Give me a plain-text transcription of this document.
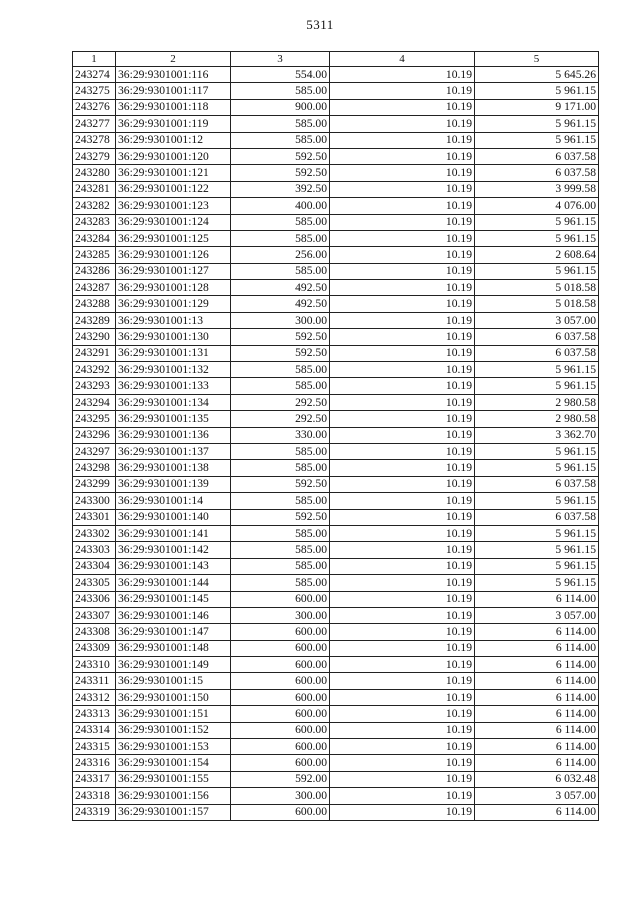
5311
1	2	3	4	5
243274	36:29:9301001:116	554.00	10.19	5 645.26
243275	36:29:9301001:117	585.00	10.19	5 961.15
243276	36:29:9301001:118	900.00	10.19	9 171.00
243277	36:29:9301001:119	585.00	10.19	5 961.15
243278	36:29:9301001:12	585.00	10.19	5 961.15
243279	36:29:9301001:120	592.50	10.19	6 037.58
243280	36:29:9301001:121	592.50	10.19	6 037.58
243281	36:29:9301001:122	392.50	10.19	3 999.58
243282	36:29:9301001:123	400.00	10.19	4 076.00
243283	36:29:9301001:124	585.00	10.19	5 961.15
243284	36:29:9301001:125	585.00	10.19	5 961.15
243285	36:29:9301001:126	256.00	10.19	2 608.64
243286	36:29:9301001:127	585.00	10.19	5 961.15
243287	36:29:9301001:128	492.50	10.19	5 018.58
243288	36:29:9301001:129	492.50	10.19	5 018.58
243289	36:29:9301001:13	300.00	10.19	3 057.00
243290	36:29:9301001:130	592.50	10.19	6 037.58
243291	36:29:9301001:131	592.50	10.19	6 037.58
243292	36:29:9301001:132	585.00	10.19	5 961.15
243293	36:29:9301001:133	585.00	10.19	5 961.15
243294	36:29:9301001:134	292.50	10.19	2 980.58
243295	36:29:9301001:135	292.50	10.19	2 980.58
243296	36:29:9301001:136	330.00	10.19	3 362.70
243297	36:29:9301001:137	585.00	10.19	5 961.15
243298	36:29:9301001:138	585.00	10.19	5 961.15
243299	36:29:9301001:139	592.50	10.19	6 037.58
243300	36:29:9301001:14	585.00	10.19	5 961.15
243301	36:29:9301001:140	592.50	10.19	6 037.58
243302	36:29:9301001:141	585.00	10.19	5 961.15
243303	36:29:9301001:142	585.00	10.19	5 961.15
243304	36:29:9301001:143	585.00	10.19	5 961.15
243305	36:29:9301001:144	585.00	10.19	5 961.15
243306	36:29:9301001:145	600.00	10.19	6 114.00
243307	36:29:9301001:146	300.00	10.19	3 057.00
243308	36:29:9301001:147	600.00	10.19	6 114.00
243309	36:29:9301001:148	600.00	10.19	6 114.00
243310	36:29:9301001:149	600.00	10.19	6 114.00
243311	36:29:9301001:15	600.00	10.19	6 114.00
243312	36:29:9301001:150	600.00	10.19	6 114.00
243313	36:29:9301001:151	600.00	10.19	6 114.00
243314	36:29:9301001:152	600.00	10.19	6 114.00
243315	36:29:9301001:153	600.00	10.19	6 114.00
243316	36:29:9301001:154	600.00	10.19	6 114.00
243317	36:29:9301001:155	592.00	10.19	6 032.48
243318	36:29:9301001:156	300.00	10.19	3 057.00
243319	36:29:9301001:157	600.00	10.19	6 114.00
